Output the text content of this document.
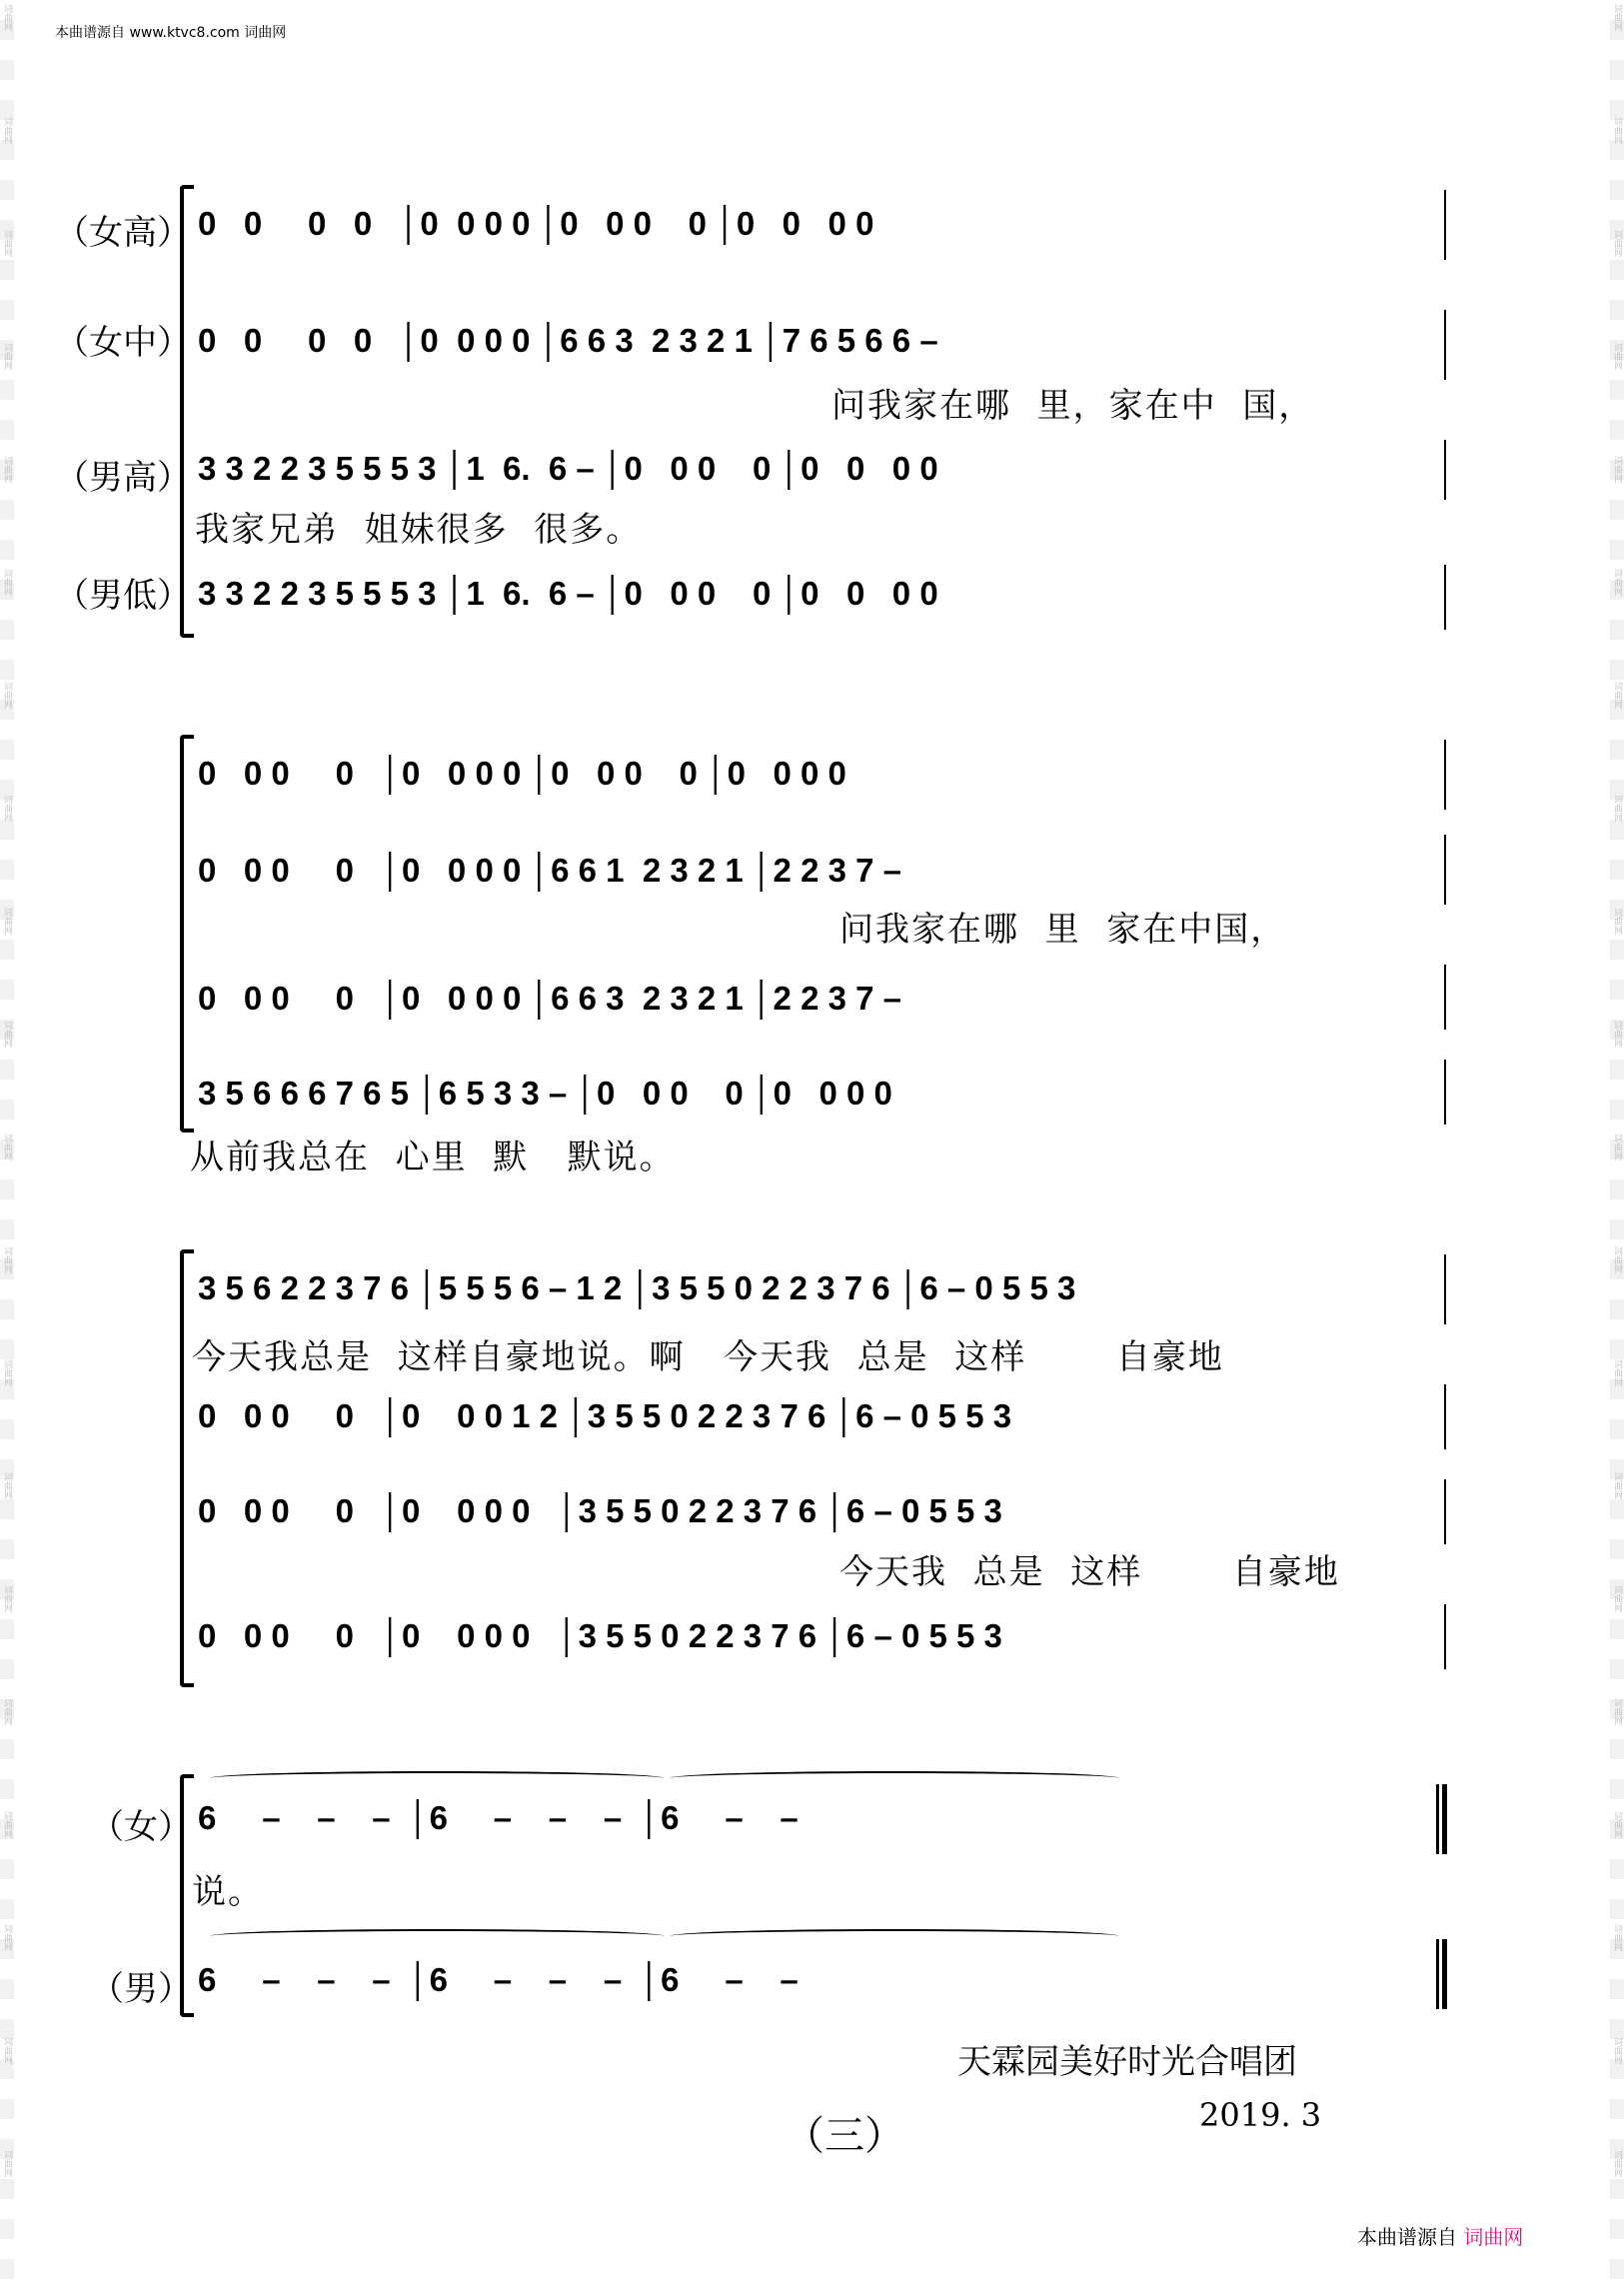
本曲谱源自 www.ktvc8.com 词曲网
词曲网
词曲网
词曲网
词曲网
词曲网
词曲网
词曲网
词曲网
词曲网
词曲网
词曲网
词曲网
词曲网
词曲网
词曲网
词曲网
词曲网
词曲网
词曲网
词曲网
词曲网
词曲网
词曲网
词曲网
词曲网
词曲网
词曲网
词曲网
词曲网
词曲网
词曲网
词曲网
词曲网
词曲网
词曲网
词曲网
词曲网
词曲网
词曲网
词曲网
（女高）
（女中）
（男高）
（男低）
0   0     0   0   │0  0 0 0 │0   0 0    0 │0   0   0 0
0   0     0   0   │0  0 0 0 │6 6 3  2 3 2 1 │7 6 5 6 6 –
问我家在哪  里，家在中  国，
3 3 2 2 3 5 5 5 3 │1  6.  6 – │0   0 0    0 │0   0   0 0
我家兄弟  姐妹很多  很多。
3 3 2 2 3 5 5 5 3 │1  6.  6 – │0   0 0    0 │0   0   0 0
0   0 0     0   │0   0 0 0 │0   0 0    0 │0   0 0 0
0   0 0     0   │0   0 0 0 │6 6 1  2 3 2 1 │2 2 3 7 –
问我家在哪  里  家在中国，
0   0 0     0   │0   0 0 0 │6 6 3  2 3 2 1 │2 2 3 7 –
3 5 6 6 6 7 6 5 │6 5 3 3 – │0   0 0    0 │0   0 0 0
从前我总在  心里  默   默说。
3 5 6 2 2 3 7 6 │5 5 5 6 – 1 2 │3 5 5 0 2 2 3 7 6 │6 – 0 5 5 3
今天我总是  这样自豪地说。啊   今天我  总是  这样       自豪地
0   0 0     0   │0    0 0 1 2 │3 5 5 0 2 2 3 7 6 │6 – 0 5 5 3
0   0 0     0   │0    0 0 0   │3 5 5 0 2 2 3 7 6 │6 – 0 5 5 3
今天我  总是  这样       自豪地
0   0 0     0   │0    0 0 0   │3 5 5 0 2 2 3 7 6 │6 – 0 5 5 3
（女）
（男）
6     –    –    –  │6     –    –    –  │6     –    –
说。
6     –    –    –  │6     –    –    –  │6     –    –
天霖园美好时光合唱团
2019. 3
（三）
本曲谱源自 词曲网
